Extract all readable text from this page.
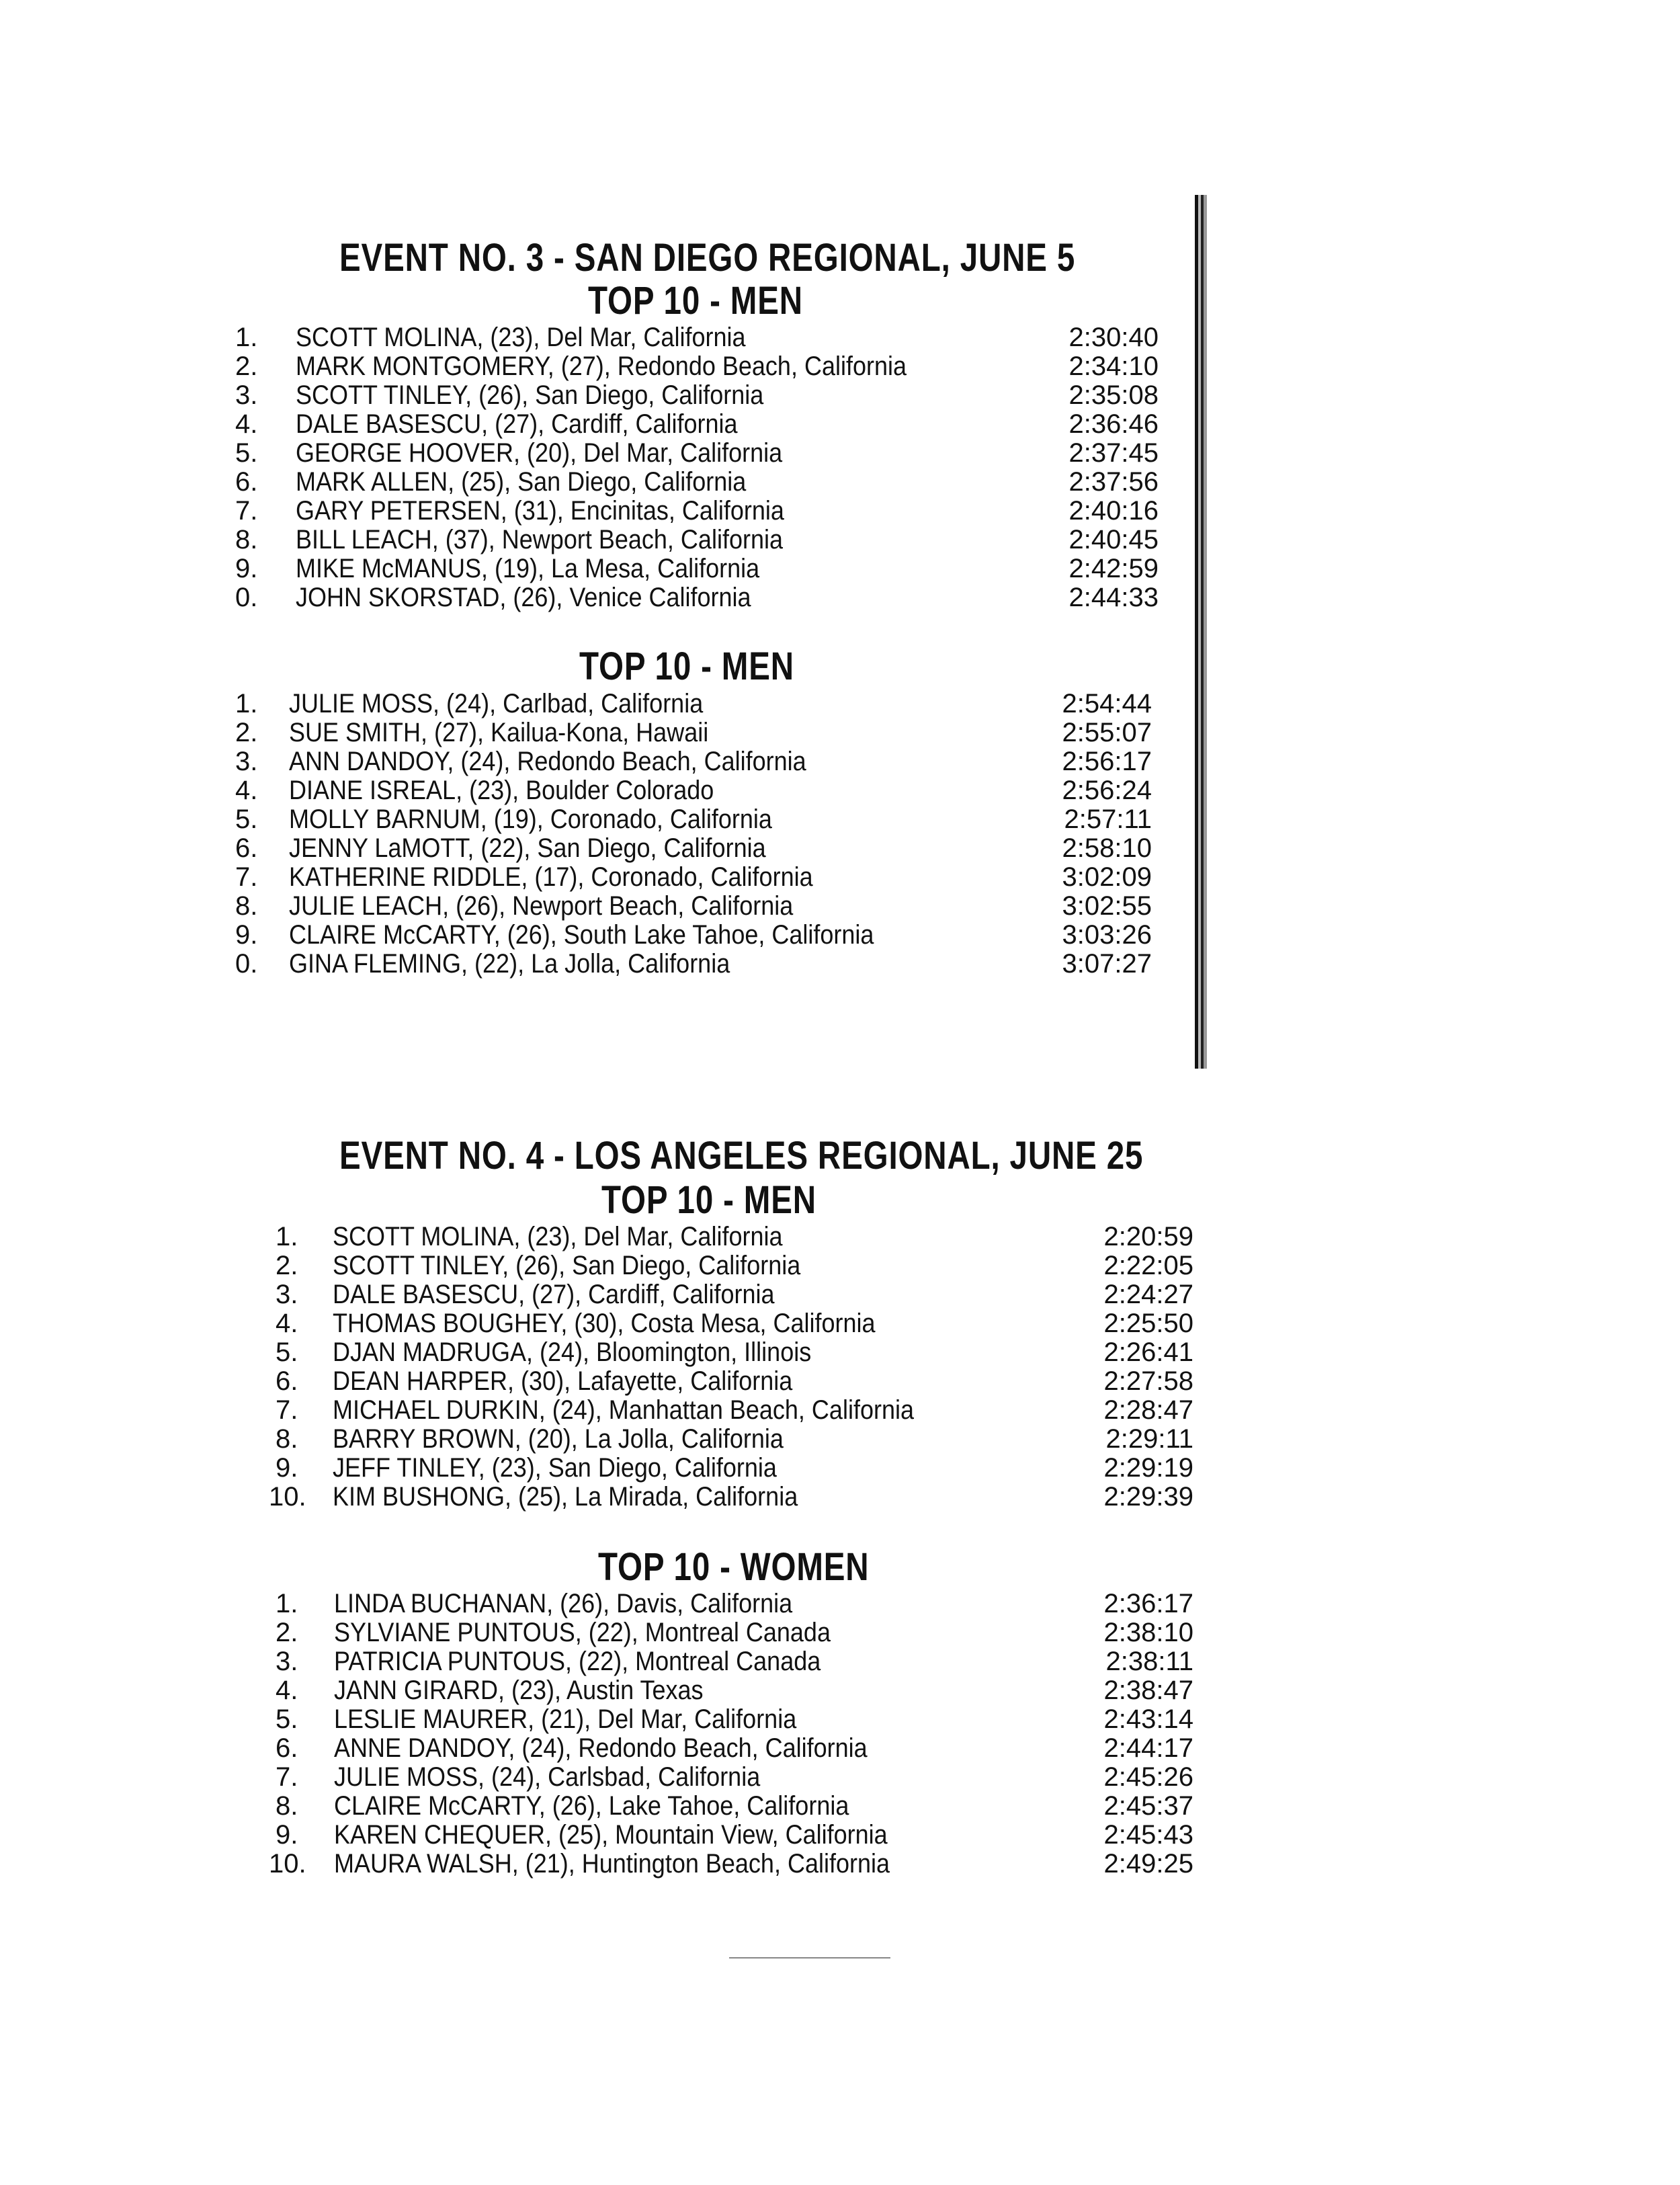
EVENT NO. 3 - SAN DIEGO REGIONAL, JUNE 5
TOP 10 - MEN
1. SCOTT MOLINA, (23), Del Mar, California	2:30:40
2. MARK MONTGOMERY, (27), Redondo Beach, California	2:34:10
3. SCOTT TINLEY, (26), San Diego, California	2:35:08
4. DALE BASESCU, (27), Cardiff, California	2:36:46
5. GEORGE HOOVER, (20), Del Mar, California	2:37:45
6. MARK ALLEN, (25), San Diego, California	2:37:56
7. GARY PETERSEN, (31), Encinitas, California	2:40:16
8. BILL LEACH, (37), Newport Beach, California	2:40:45
9. MIKE McMANUS, (19), La Mesa, California	2:42:59
0. JOHN SKORSTAD, (26), Venice California	2:44:33
TOP 10 - MEN
1. JULIE MOSS, (24), Carlbad, California	2:54:44
2. SUE SMITH, (27), Kailua-Kona, Hawaii	2:55:07
3. ANN DANDOY, (24), Redondo Beach, California	2:56:17
4. DIANE ISREAL, (23), Boulder Colorado	2:56:24
5. MOLLY BARNUM, (19), Coronado, California	2:57:11
6. JENNY LaMOTT, (22), San Diego, California	2:58:10
7. KATHERINE RIDDLE, (17), Coronado, California	3:02:09
8. JULIE LEACH, (26), Newport Beach, California	3:02:55
9. CLAIRE McCARTY, (26), South Lake Tahoe, California	3:03:26
0. GINA FLEMING, (22), La Jolla, California	3:07:27
EVENT NO. 4 - LOS ANGELES REGIONAL, JUNE 25
TOP 10 - MEN
1. SCOTT MOLINA, (23), Del Mar, California	2:20:59
2. SCOTT TINLEY, (26), San Diego, California	2:22:05
3. DALE BASESCU, (27), Cardiff, California	2:24:27
4. THOMAS BOUGHEY, (30), Costa Mesa, California	2:25:50
5. DJAN MADRUGA, (24), Bloomington, Illinois	2:26:41
6. DEAN HARPER, (30), Lafayette, California	2:27:58
7. MICHAEL DURKIN, (24), Manhattan Beach, California	2:28:47
8. BARRY BROWN, (20), La Jolla, California	2:29:11
9. JEFF TINLEY, (23), San Diego, California	2:29:19
10. KIM BUSHONG, (25), La Mirada, California	2:29:39
TOP 10 - WOMEN
1. LINDA BUCHANAN, (26), Davis, California	2:36:17
2. SYLVIANE PUNTOUS, (22), Montreal Canada	2:38:10
3. PATRICIA PUNTOUS, (22), Montreal Canada	2:38:11
4. JANN GIRARD, (23), Austin Texas	2:38:47
5. LESLIE MAURER, (21), Del Mar, California	2:43:14
6. ANNE DANDOY, (24), Redondo Beach, California	2:44:17
7. JULIE MOSS, (24), Carlsbad, California	2:45:26
8. CLAIRE McCARTY, (26), Lake Tahoe, California	2:45:37
9. KAREN CHEQUER, (25), Mountain View, California	2:45:43
10. MAURA WALSH, (21), Huntington Beach, California	2:49:25
